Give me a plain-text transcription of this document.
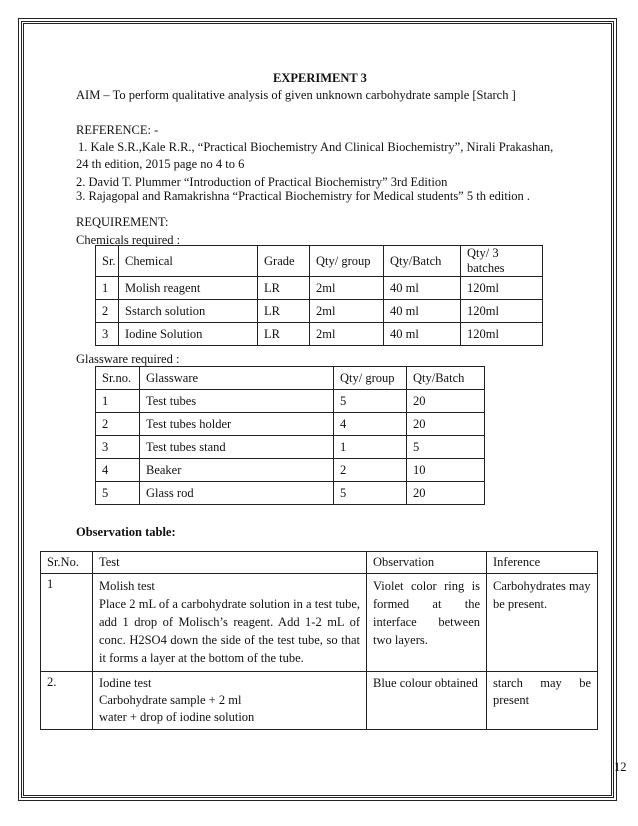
EXPERIMENT 3
AIM – To perform qualitative analysis of given unknown carbohydrate sample [Starch ]
REFERENCE: -
1. Kale S.R.,Kale R.R., “Practical Biochemistry And Clinical Biochemistry”, Nirali Prakashan,
24 th edition, 2015 page no 4 to 6
2. David T. Plummer “Introduction of Practical Biochemistry” 3rd Edition
3. Rajagopal and Ramakrishna “Practical Biochemistry for Medical students” 5 th edition .
REQUIREMENT:
Chemicals required :
Sr.	Chemical	Grade	Qty/ group	Qty/Batch	Qty/ 3 batches
1	Molish reagent	LR	2ml	40 ml	120ml
2	Sstarch solution	LR	2ml	40 ml	120ml
3	Iodine Solution	LR	2ml	40 ml	120ml
Glassware required :
Sr.no.	Glassware	Qty/ group	Qty/Batch
1	Test tubes	5	20
2	Test tubes holder	4	20
3	Test tubes stand	1	5
4	Beaker	2	10
5	Glass rod	5	20
Observation table:
Sr.No.	Test	Observation	Inference
1	Molish test
Place 2 mL of a carbohydrate solution in a test tube, add 1 drop of Molisch’s reagent. Add 1-2 mL of conc. H2SO4 down the side of the test tube, so that it forms a layer at the bottom of the tube.	Violet color ring is formed at the interface between two layers.	Carbohydrates may be present.
2.	Iodine test
Carbohydrate sample + 2 ml water + drop of iodine solution	Blue colour obtained	starch may be present
12
